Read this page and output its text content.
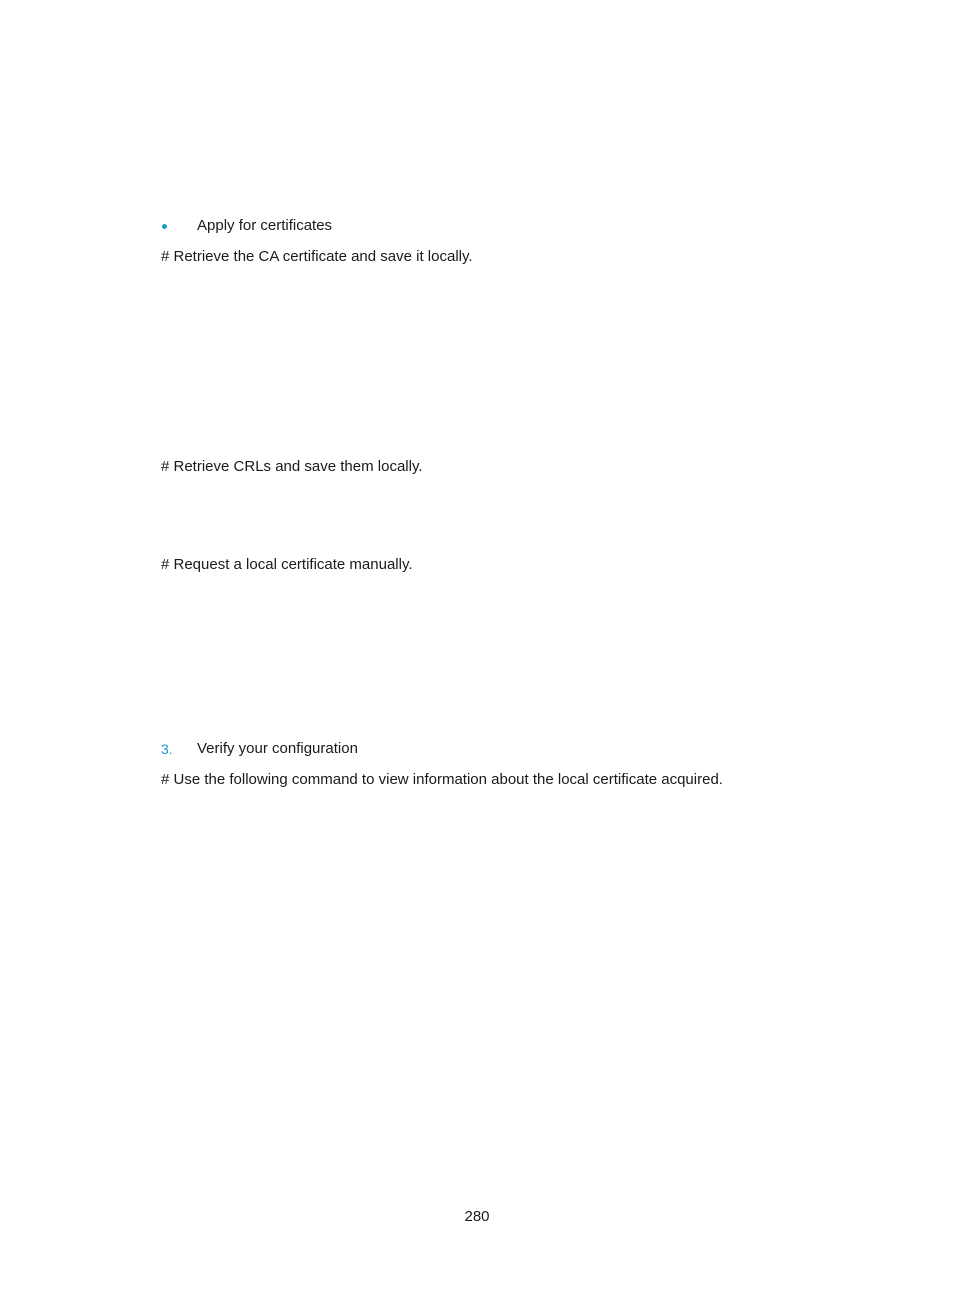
Apply for certificates
# Retrieve the CA certificate and save it locally.
# Retrieve CRLs and save them locally.
# Request a local certificate manually.
3. Verify your configuration
# Use the following command to view information about the local certificate acquired.
280
